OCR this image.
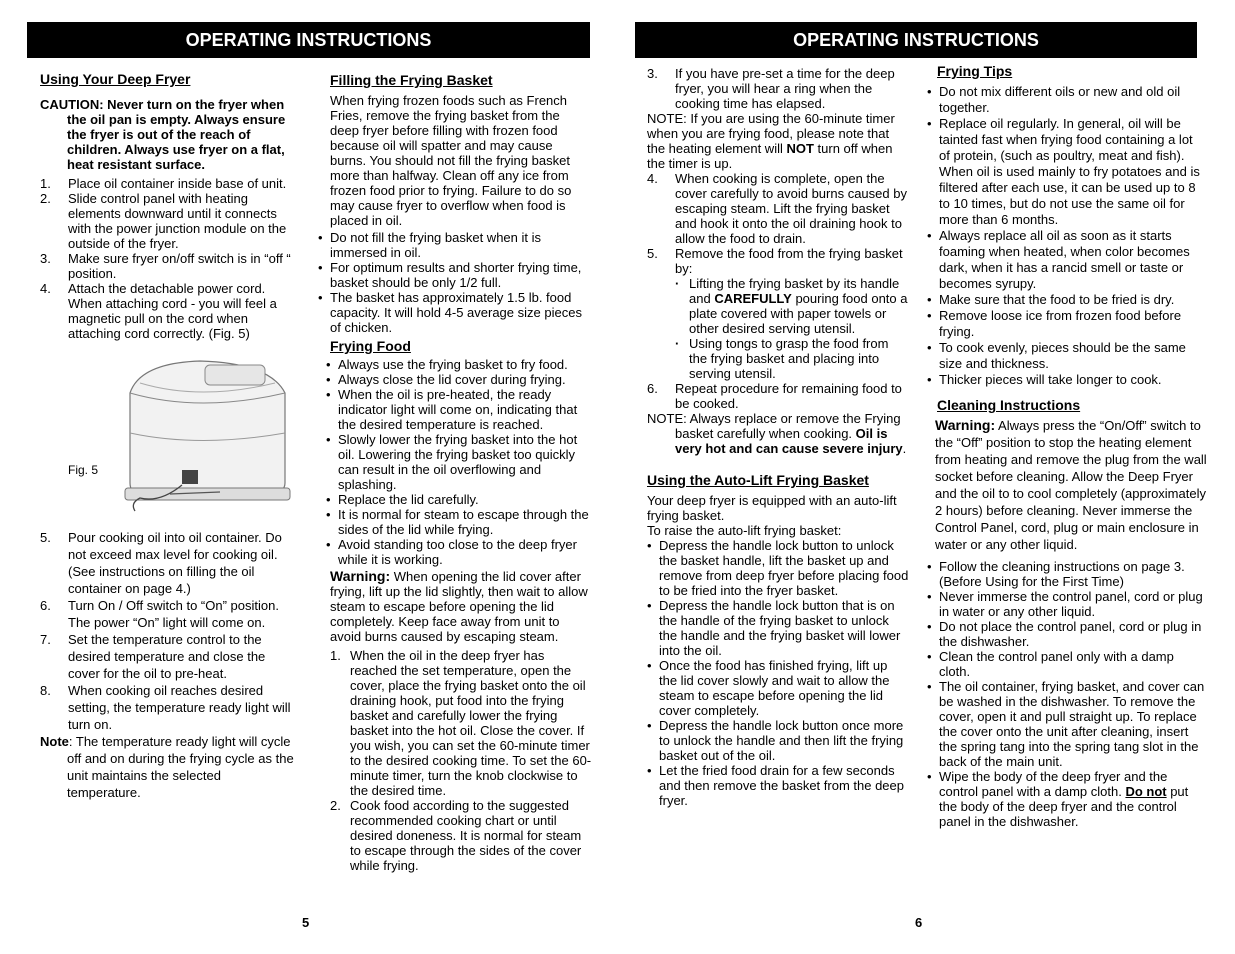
OPERATING INSTRUCTIONS	OPERATING INSTRUCTIONS
Using Your Deep Fryer

CAUTION: Never turn on the fryer when the oil pan is empty. Always ensure the fryer is out of the reach of children. Always use fryer on a flat, heat resistant surface.

1. Place oil container inside base of unit.
2. Slide control panel with heating elements downward until it connects with the power junction module on the outside of the fryer.
3. Make sure fryer on/off switch is in “off “ position.
4. Attach the detachable power cord. When attaching cord - you will feel a magnetic pull on the cord when attaching cord correctly. (Fig. 5)
Fig. 5
5. Pour cooking oil into oil container. Do not exceed max level for cooking oil. (See instructions on filling the oil container on page 4.)
6. Turn On / Off switch to “On” position. The power “On” light will come on.
7. Set the temperature control to the desired temperature and close the cover for the oil to pre-heat.
8. When cooking oil reaches desired setting, the temperature ready light will turn on.

Note: The temperature ready light will cycle off and on during the frying cycle as the unit maintains the selected temperature.

Filling the Frying Basket

When frying frozen foods such as French Fries, remove the frying basket from the deep fryer before filling with frozen food because oil will spatter and may cause burns. You should not fill the frying basket more than halfway. Clean off any ice from frozen food prior to frying. Failure to do so may cause fryer to overflow when food is placed in oil.

• Do not fill the frying basket when it is immersed in oil.
• For optimum results and shorter frying time, basket should be only 1/2 full.
• The basket has approximately 1.5 lb. food capacity. It will hold 4-5 average size pieces of chicken.
Frying Food
• Always use the frying basket to fry food.
• Always close the lid cover during frying.
• When the oil is pre-heated, the ready indicator light will come on, indicating that the desired temperature is reached.
• Slowly lower the frying basket into the hot oil. Lowering the frying basket too quickly can result in the oil overflowing and splashing.
• Replace the lid carefully.
• It is normal for steam to escape through the sides of the lid while frying.
• Avoid standing too close to the deep fryer while it is working.

Warning: When opening the lid cover after frying, lift up the lid slightly, then wait to allow steam to escape before opening the lid completely. Keep face away from unit to avoid burns caused by escaping steam.

1. When the oil in the deep fryer has reached the set temperature, open the cover, place the frying basket onto the oil draining hook, put food into the frying basket and carefully lower the frying basket into the hot oil. Close the cover. If you wish, you can set the 60-minute timer to the desired cooking time. To set the 60-minute timer, turn the knob clockwise to the desired time.
2. Cook food according to the suggested recommended cooking chart or until desired doneness. It is normal for steam to escape through the sides of the cover while frying.
3. If you have pre-set a time for the deep fryer, you will hear a ring when the cooking time has elapsed.

NOTE: If you are using the 60-minute timer when you are frying food, please note that the heating element will NOT turn off when the timer is up.

4. When cooking is complete, open the cover carefully to avoid burns caused by escaping steam. Lift the frying basket and hook it onto the oil draining hook to allow the food to drain.
5. Remove the food from the frying basket by:
· Lifting the frying basket by its handle and CAREFULLY pouring food onto a plate covered with paper towels or other desired serving utensil.
· Using tongs to grasp the food from the frying basket and placing into serving utensil.
6. Repeat procedure for remaining food to be cooked.

NOTE: Always replace or remove the Frying basket carefully when cooking. Oil is very hot and can cause severe injury.

Using the Auto-Lift Frying Basket

Your deep fryer is equipped with an auto-lift frying basket.

To raise the auto-lift frying basket:

• Depress the handle lock button to unlock the basket handle, lift the basket up and remove from deep fryer before placing food to be fried into the fryer basket.
• Depress the handle lock button that is on the handle of the frying basket to unlock the handle and the frying basket will lower into the oil.
• Once the food has finished frying, lift up the lid cover slowly and wait to allow the steam to escape before opening the lid cover completely.
• Depress the handle lock button once more to unlock the handle and then lift the frying basket out of the oil.
• Let the fried food drain for a few seconds and then remove the basket from the deep fryer.
Frying Tips
• Do not mix different oils or new and old oil together.
• Replace oil regularly. In general, oil will be tainted fast when frying food containing a lot of protein, (such as poultry, meat and fish). When oil is used mainly to fry potatoes and is filtered after each use, it can be used up to 8 to 10 times, but do not use the same oil for more than 6 months.
• Always replace all oil as soon as it starts foaming when heated, when color becomes dark, when it has a rancid smell or taste or becomes syrupy.
• Make sure that the food to be fried is dry.
• Remove loose ice from frozen food before frying.
• To cook evenly, pieces should be the same size and thickness.
• Thicker pieces will take longer to cook.
Cleaning Instructions

Warning: Always press the “On/Off” switch to the “Off” position to stop the heating element from heating and remove the plug from the wall socket before cleaning. Allow the Deep Fryer and the oil to to cool completely (approximately 2 hours) before cleaning. Never immerse the Control Panel, cord, plug or main enclosure in water or any other liquid.

• Follow the cleaning instructions on page 3. (Before Using for the First Time)
• Never immerse the control panel, cord or plug in water or any other liquid.
• Do not place the control panel, cord or plug in the dishwasher.
• Clean the control panel only with a damp cloth.
• The oil container, frying basket, and cover can be washed in the dishwasher. To remove the cover, open it and pull straight up. To replace the cover onto the unit after cleaning, insert the spring tang into the spring tang slot in the back of the main unit.
• Wipe the body of the deep fryer and the control panel with a damp cloth. Do not put the body of the deep fryer and the control panel in the dishwasher.
5	6
